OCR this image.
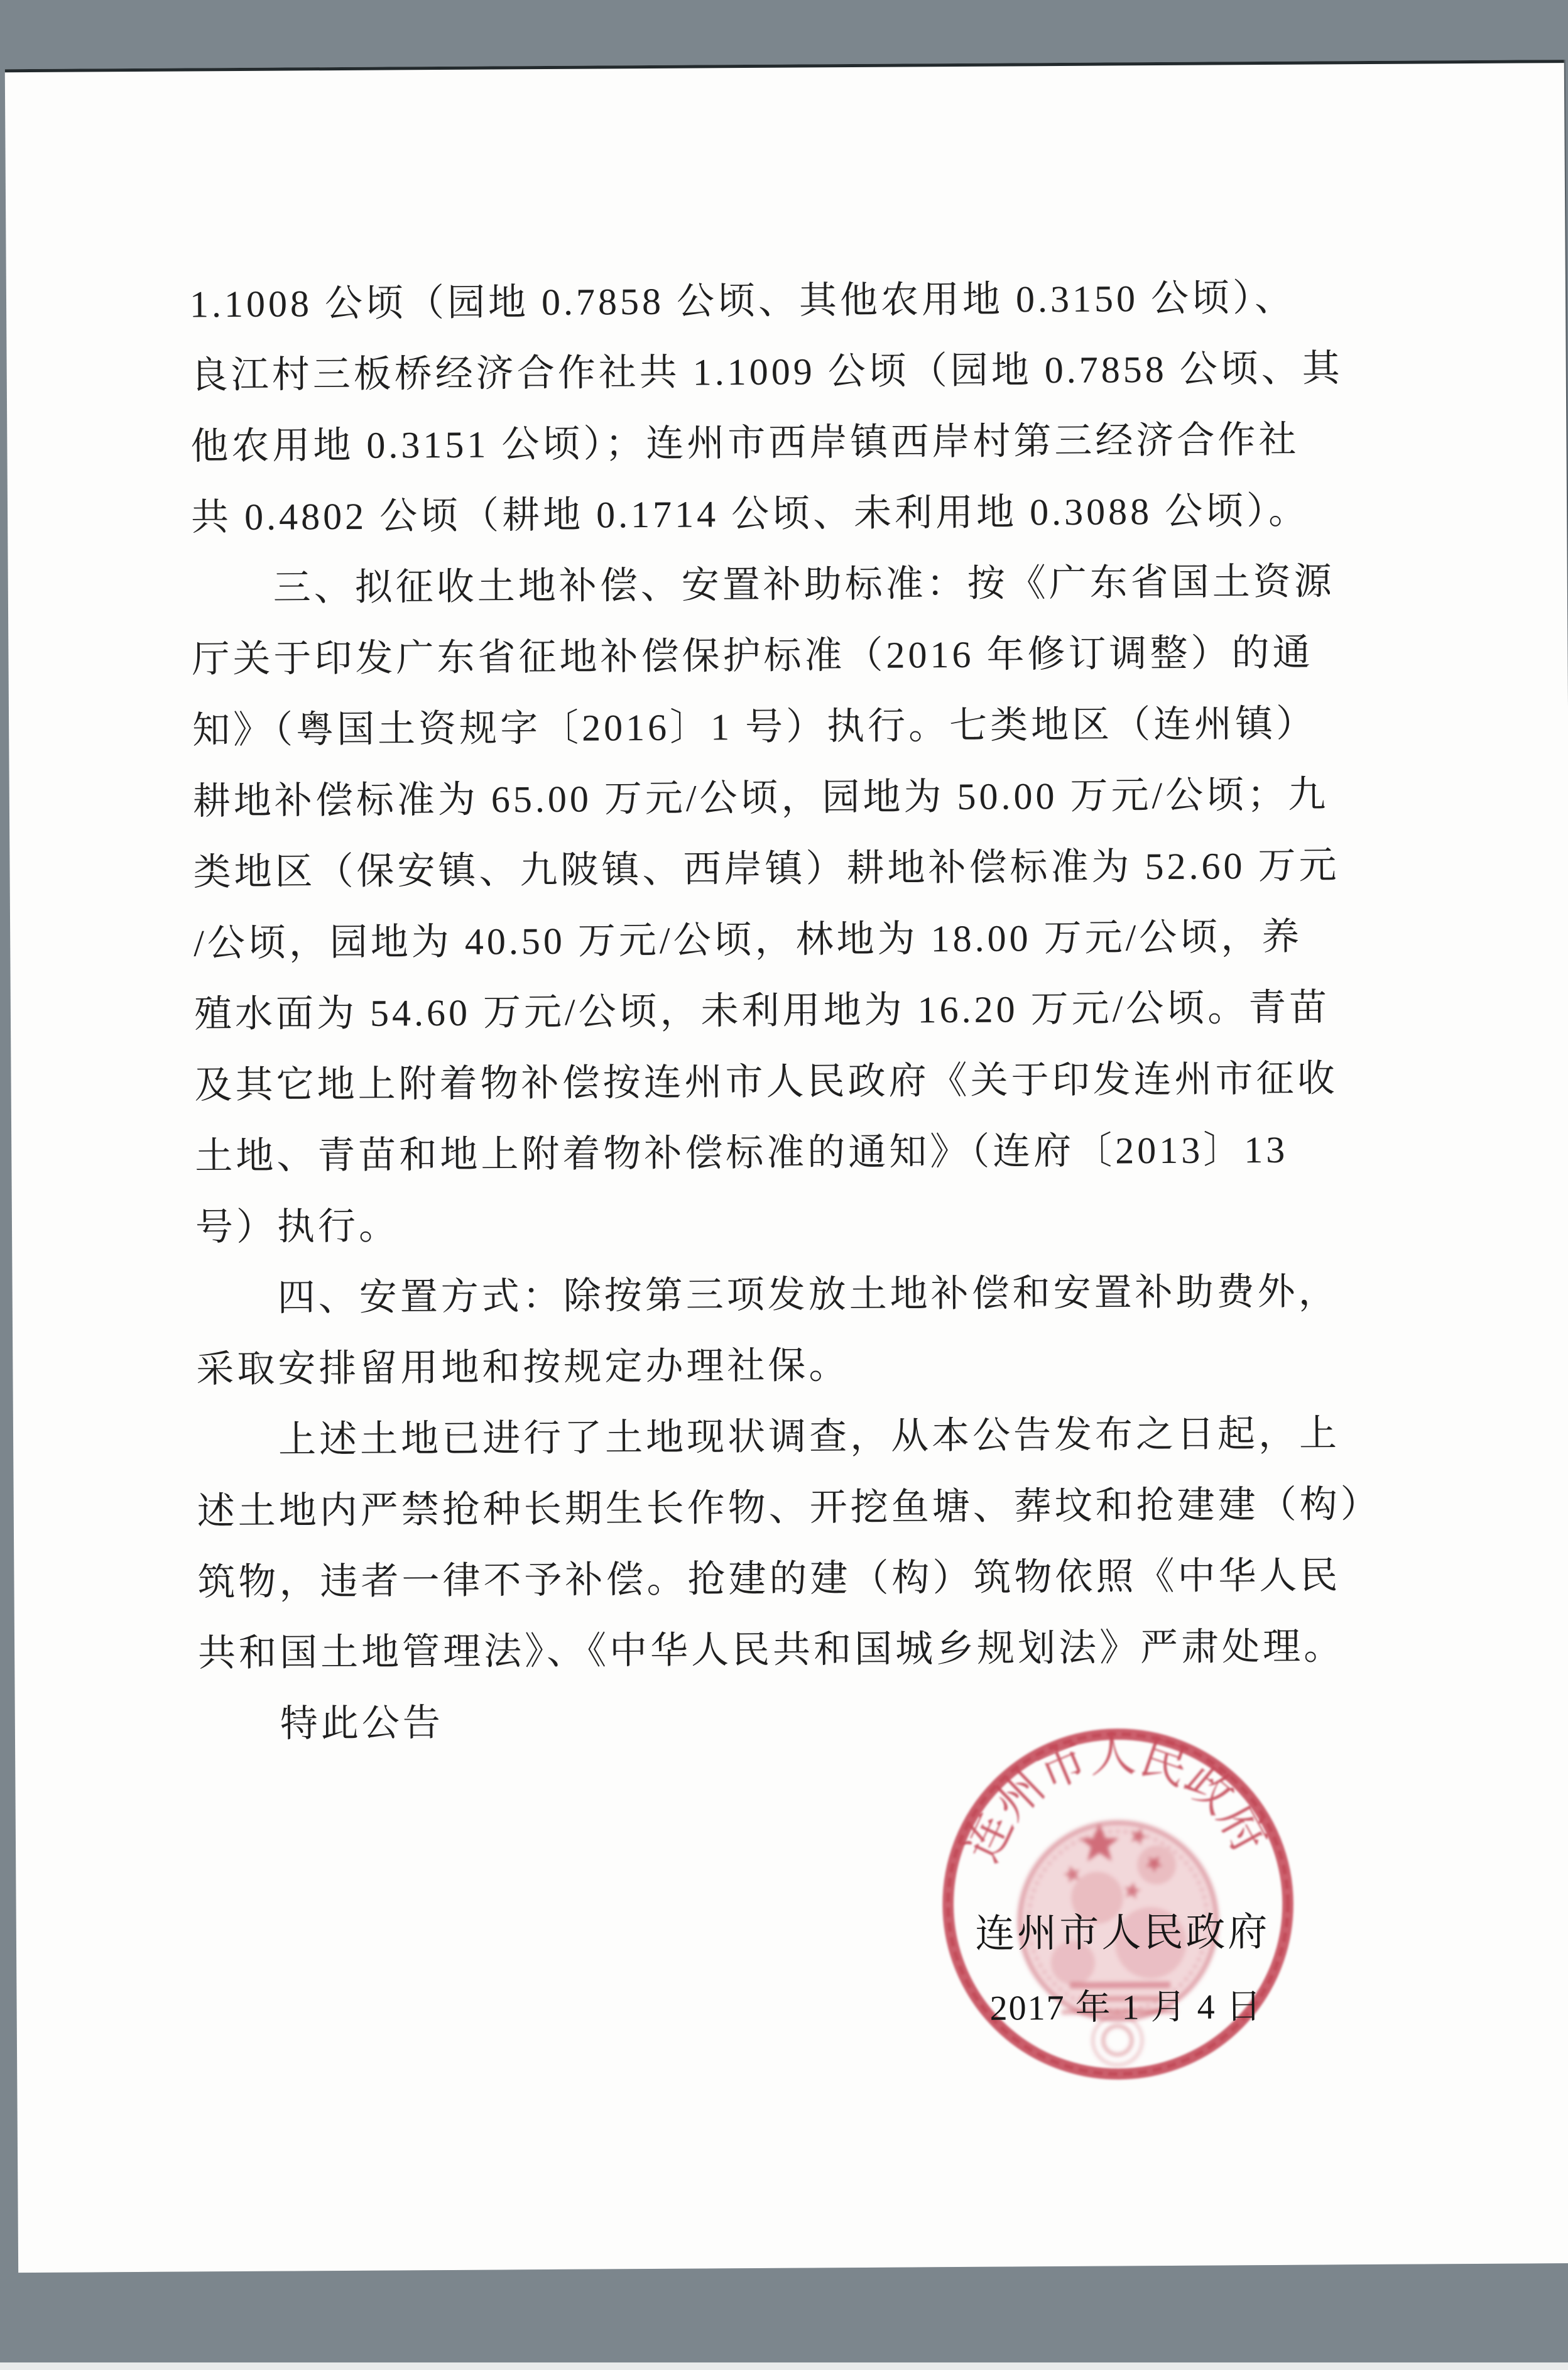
1.1008 公顷（园地 0.7858 公顷、其他农用地 0.3150 公顷）、
良江村三板桥经济合作社共 1.1009 公顷（园地 0.7858 公顷、其
他农用地 0.3151 公顷）；连州市西岸镇西岸村第三经济合作社
共 0.4802 公顷（耕地 0.1714 公顷、未利用地 0.3088 公顷）。
三、拟征收土地补偿、安置补助标准：按《广东省国土资源
厅关于印发广东省征地补偿保护标准（2016 年修订调整）的通
知》（粤国土资规字〔2016〕1 号）执行。七类地区（连州镇）
耕地补偿标准为 65.00 万元/公顷，园地为 50.00 万元/公顷；九
类地区（保安镇、九陂镇、西岸镇）耕地补偿标准为 52.60 万元
/公顷，园地为 40.50 万元/公顷，林地为 18.00 万元/公顷，养
殖水面为 54.60 万元/公顷，未利用地为 16.20 万元/公顷。青苗
及其它地上附着物补偿按连州市人民政府《关于印发连州市征收
土地、青苗和地上附着物补偿标准的通知》（连府〔2013〕13
号）执行。
四、安置方式：除按第三项发放土地补偿和安置补助费外，
采取安排留用地和按规定办理社保。
上述土地已进行了土地现状调查，从本公告发布之日起，上
述土地内严禁抢种长期生长作物、开挖鱼塘、葬坟和抢建建（构）
筑物，违者一律不予补偿。抢建的建（构）筑物依照《中华人民
共和国土地管理法》、《中华人民共和国城乡规划法》严肃处理。
特此公告
连州市人民政府
连州市人民政府
2017 年 1 月 4 日
